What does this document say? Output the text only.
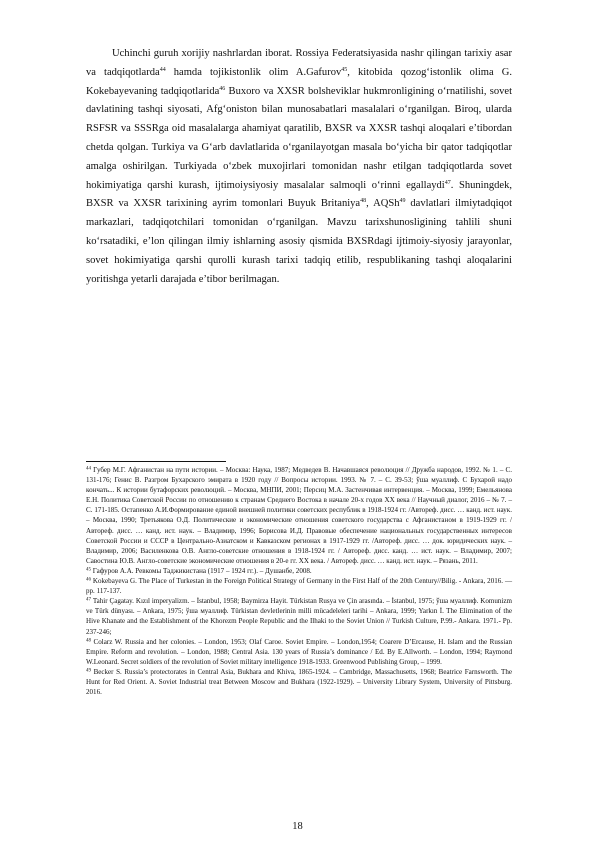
Uchinchi guruh xorijiy nashrlardan iborat. Rossiya Federatsiyasida nashr qilingan tarixiy asar va tadqiqotlarda$^{44}$ hamda tojikistonlik olim A.Gafurov$^{45}$, kitobida qozog‘istonlik olima G. Kokebayevaning tadqiqotlarida$^{46}$ Buxoro va XXSR bolsheviklar hukmronligining o‘rnatilishi, sovet davlatining tashqi siyosati, Afg‘oniston bilan munosabatlari masalalari o‘rganilgan. Biroq, ularda RSFSR va SSSRga oid masalalarga ahamiyat qaratilib, BXSR va XXSR tashqi aloqalari e’tibordan chetda qolgan. Turkiya va G‘arb davlatlarida o‘rganilayotgan masala bo‘yicha bir qator tadqiqotlar amalga oshirilgan. Turkiyada o‘zbek muxojirlari tomonidan nashr etilgan tadqiqotlarda sovet hokimiyatiga qarshi kurash, ijtimoiysiyosiy masalalar salmoqli o‘rinni egallaydi$^{47}$. Shuningdek, BXSR va XXSR tarixining ayrim tomonlari Buyuk Britaniya$^{48}$, AQSh$^{49}$ davlatlari ilmiytadqiqot markazlari, tadqiqotchilari tomonidan o‘rganilgan. Mavzu tarixshunosligining tahlili shuni ko‘rsatadiki, e’lon qilingan ilmiy ishlarning asosiy qismida BXSRdagi ijtimoiy-siyosiy jarayonlar, sovet hokimiyatiga qarshi qurolli kurash tarixi tadqiq etilib, respublikaning tashqi aloqalarini yoritishga yetarli darajada e’tibor berilmagan.

$^{44}$ Губер М.Г. Афганистан на пути истории. – Москва: Наука, 1987; Медведев В. Начавшаяся революция // Дружба народов, 1992. № 1. – С. 131-176; Генис В. Разгром Бухарского эмирата в 1920 году // Вопросы истории. 1993. № 7. – С. 39-53; ўша муаллиф. С Бухарой надо кончать... К истории бутафорских революций. – Москва, МНПИ, 2001; Персиц М.А. Застенчивая интервенция. – Москва, 1999; Емельянова Е.Н. Политика Советской России по отношению к странам Среднего Востока в начале 20-х годов XX века // Научный диалог, 2016 – № 7. – С. 171-185. Остапенко А.И.Формирование единой внешней политики советских республик в 1918-1924 гг. /Автореф. дисс. … канд. ист. наук. – Москва, 1990; Третьякова О.Д. Политические и экономические отношения советского государства с Афганистаном в 1919-1929 гг. /Автореф. дисс. … канд. ист. наук. – Владимир, 1996; Борисова И.Д. Правовые обеспечение национальных государственных интересов Советской России и СССР в Центрально-Азиатском и Кавказском регионах в 1917-1929 гг. /Автореф. дисс. … док. юридических наук. – Владимир, 2006; Василенкова О.В. Англо-советские отношения в 1918-1924 гг. / Автореф. дисс. канд. … ист. наук. – Владимир, 2007; Савостина Ю.В. Англо-советские экономические отношения в 20-е гг. XX века. / Автореф. дисс. … канд. ист. наук. – Рязань, 2011.

$^{45}$ Гафуров А.А. Ревкомы Таджикистана (1917 – 1924 гг.). – Душанбе, 2008.

$^{46}$ Kokebayeva G. The Place of Turkestan in the Foreign Political Strategy of Germany in the First Half of the 20th Century//Bilig. - Ankara, 2016. — pp. 117-137.

$^{47}$ Tahir Çagatay. Kızıl imperyalizm. – İstanbul, 1958; Baymirza Hayit. Türkistan Rusya ve Çin arasında. – İstanbul, 1975; ўша муаллиф. Komunizm ve Türk dünyası. – Ankara, 1975; ўша муаллиф. Türkistan devletlerinin milli mücadeleleri tarihi – Ankara, 1999; Yarkın İ. The Elimination of the Hive Khanate and the Establishment of the Khorezm People Republic and the Ilhaki to the Soviet Union // Turkish Culture, P.99.- Ankara. 1971.- Pp. 237-246;

$^{48}$ Colarz W. Russia and her colonies. – London, 1953; Olaf Caroe. Soviet Empire. – London,1954; Coarere D’Ercause, H. Islam and the Russian Empire. Reform and revolution. – London, 1988; Central Asia. 130 years of Russia’s dominance / Ed. By E.Allworth. – London, 1994; Raymond W.Leonard. Secret soldiers of the revolution of Soviet military intelligence 1918-1933. Greenwood Publishing Group, – 1999.

$^{49}$ Becker S. Russia’s protectorates in Central Asia, Bukhara and Khiva, 1865-1924. – Cambridge, Massachusetts, 1968; Beatrice Farnsworth. The Hunt for Red Orient. A. Soviet Industrial treat Between Moscow and Bukhara (1922-1929). – University Library System, University of Pittsburg. 2016.

18
